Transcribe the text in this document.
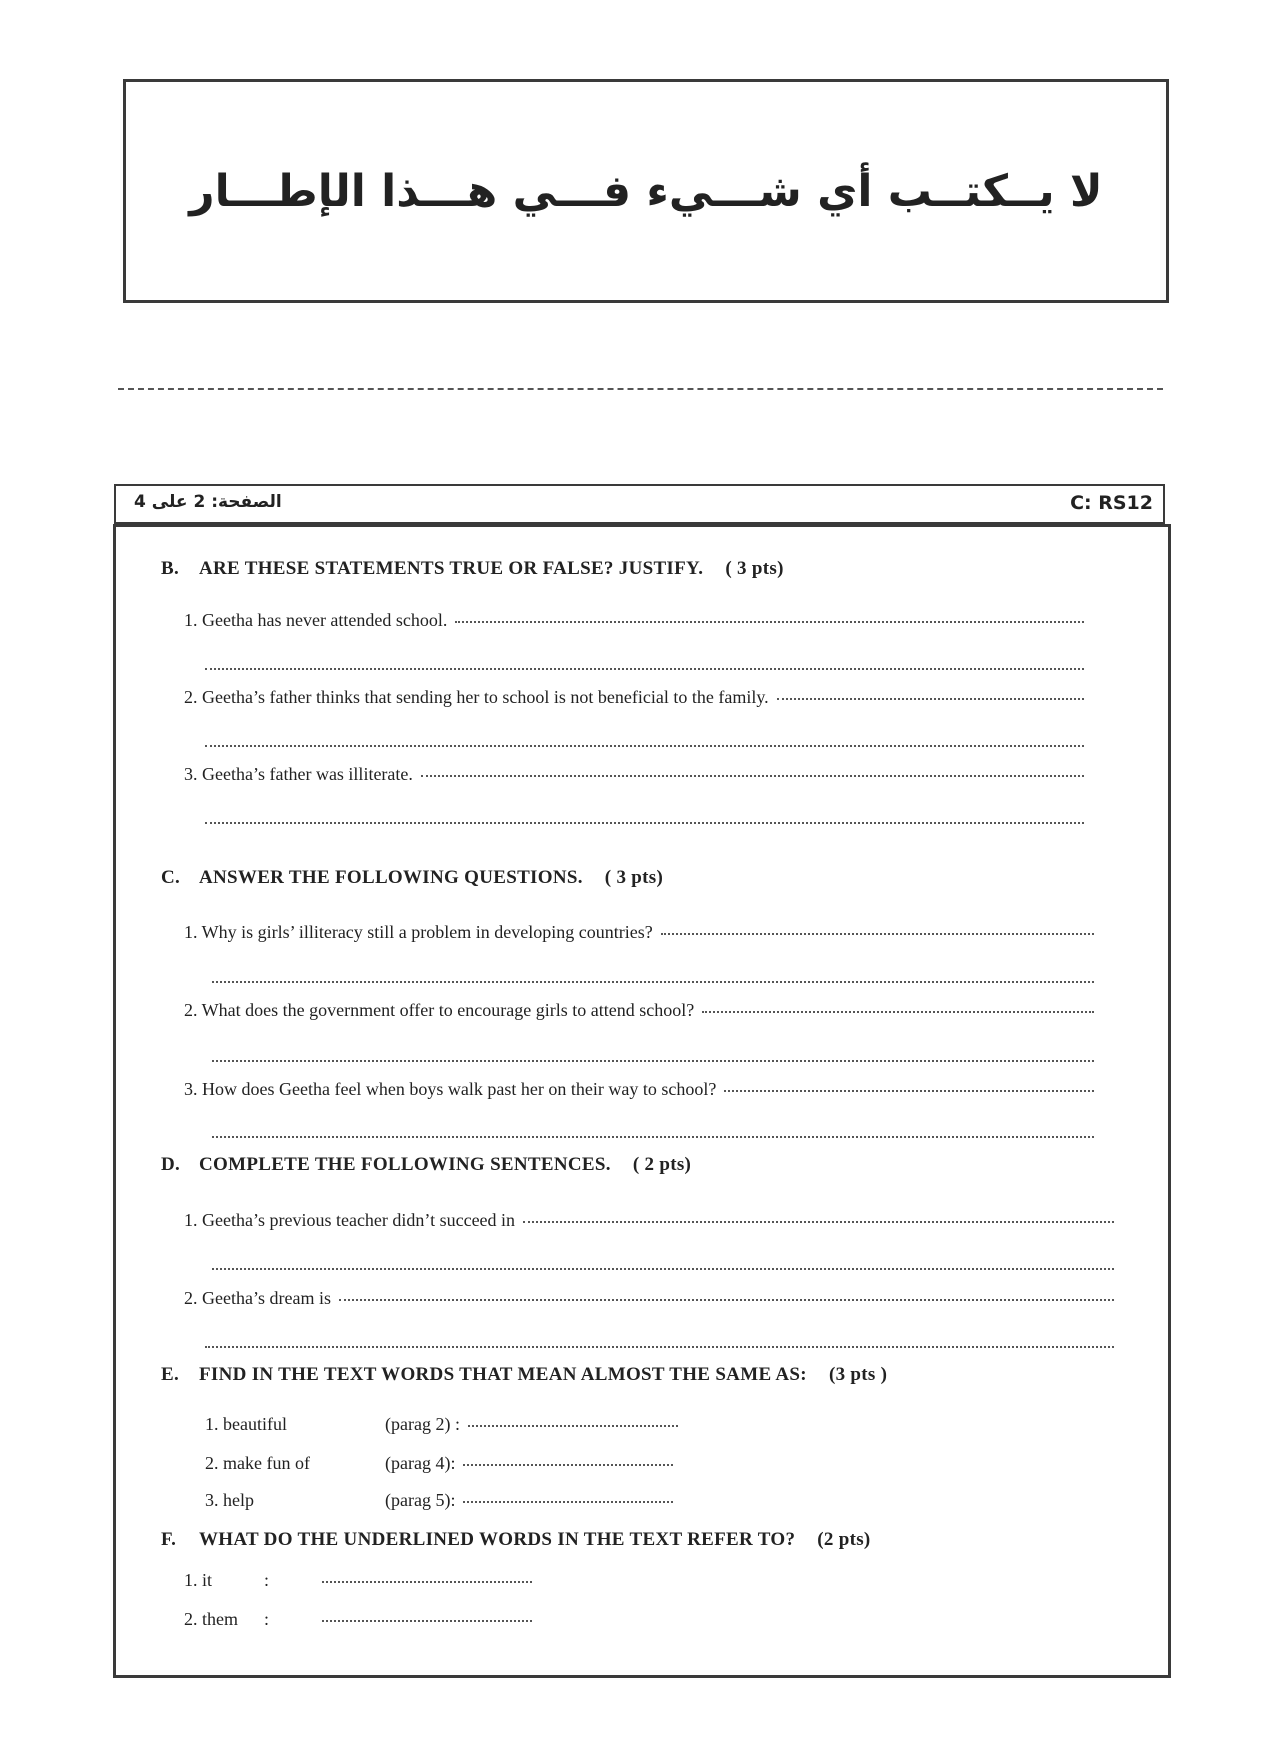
لا يــكتــب أي شـــيء فـــي هـــذا الإطـــار
الصفحة: 2 على 4	C: RS12
B. ARE THESE STATEMENTS TRUE OR FALSE? JUSTIFY. ( 3 pts)
1. Geetha has never attended school.
2. Geetha’s father thinks that sending her to school is not beneficial to the family.
3. Geetha’s father was illiterate.
C. ANSWER THE FOLLOWING QUESTIONS. ( 3 pts)
1. Why is girls’ illiteracy still a problem in developing countries?
2. What does the government offer to encourage girls to attend school?
3. How does Geetha feel when boys walk past her on their way to school?
D. COMPLETE THE FOLLOWING SENTENCES. ( 2 pts)
1. Geetha’s previous teacher didn’t succeed in
2. Geetha’s dream is
E. FIND IN THE TEXT WORDS THAT MEAN ALMOST THE SAME AS: (3 pts )
1. beautiful	(parag 2) :
2. make fun of	(parag 4):
3. help	(parag 5):
F. WHAT DO THE UNDERLINED WORDS IN THE TEXT REFER TO? (2 pts)
1. it	:
2. them :
